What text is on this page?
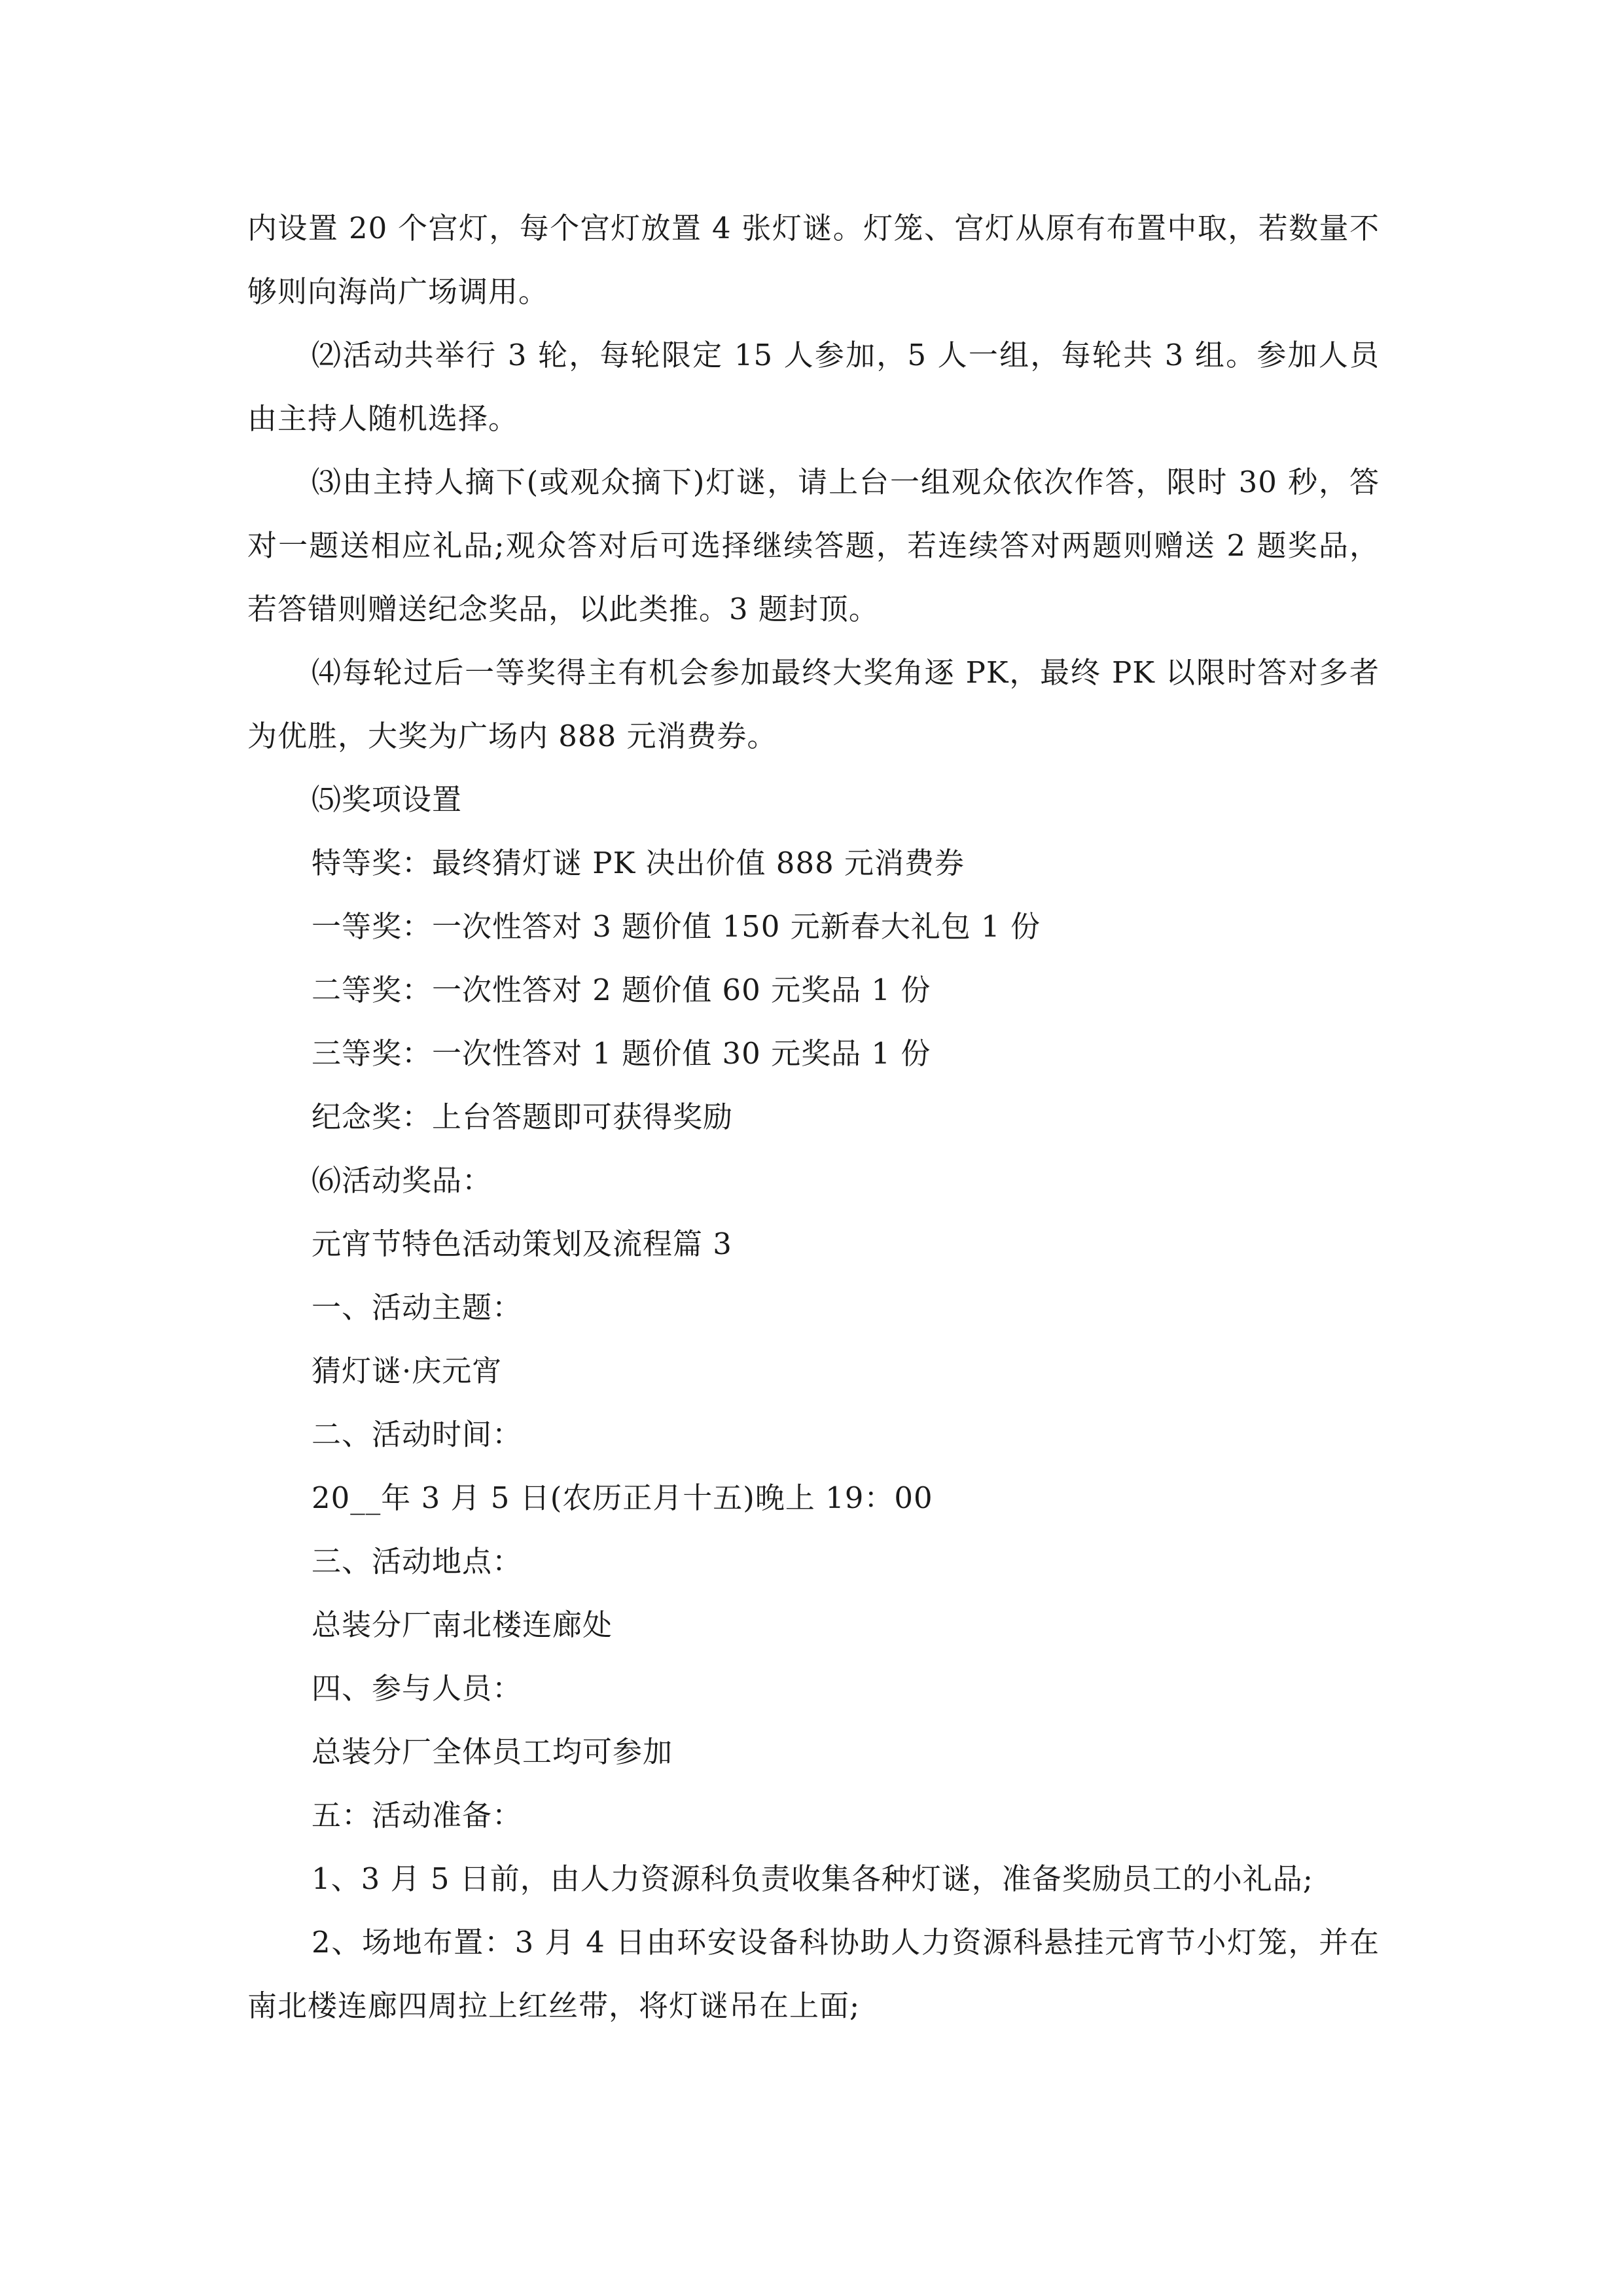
内设置 20 个宫灯，每个宫灯放置 4 张灯谜。灯笼、宫灯从原有布置中取，若数量不够则向海尚广场调用。

⑵活动共举行 3 轮，每轮限定 15 人参加，5 人一组，每轮共 3 组。参加人员由主持人随机选择。

⑶由主持人摘下(或观众摘下)灯谜，请上台一组观众依次作答，限时 30 秒，答对一题送相应礼品;观众答对后可选择继续答题，若连续答对两题则赠送 2 题奖品，若答错则赠送纪念奖品，以此类推。3 题封顶。

⑷每轮过后一等奖得主有机会参加最终大奖角逐 PK，最终 PK 以限时答对多者为优胜，大奖为广场内 888 元消费券。

⑸奖项设置

特等奖：最终猜灯谜 PK 决出价值 888 元消费券

一等奖：一次性答对 3 题价值 150 元新春大礼包 1 份

二等奖：一次性答对 2 题价值 60 元奖品 1 份

三等奖：一次性答对 1 题价值 30 元奖品 1 份

纪念奖：上台答题即可获得奖励

⑹活动奖品：

元宵节特色活动策划及流程篇 3

一、活动主题：

猜灯谜·庆元宵

二、活动时间：

20__年 3 月 5 日(农历正月十五)晚上 19：00

三、活动地点：

总装分厂南北楼连廊处

四、参与人员：

总装分厂全体员工均可参加

五：活动准备：

1、3 月 5 日前，由人力资源科负责收集各种灯谜，准备奖励员工的小礼品;

2、场地布置：3 月 4 日由环安设备科协助人力资源科悬挂元宵节小灯笼，并在南北楼连廊四周拉上红丝带，将灯谜吊在上面;
